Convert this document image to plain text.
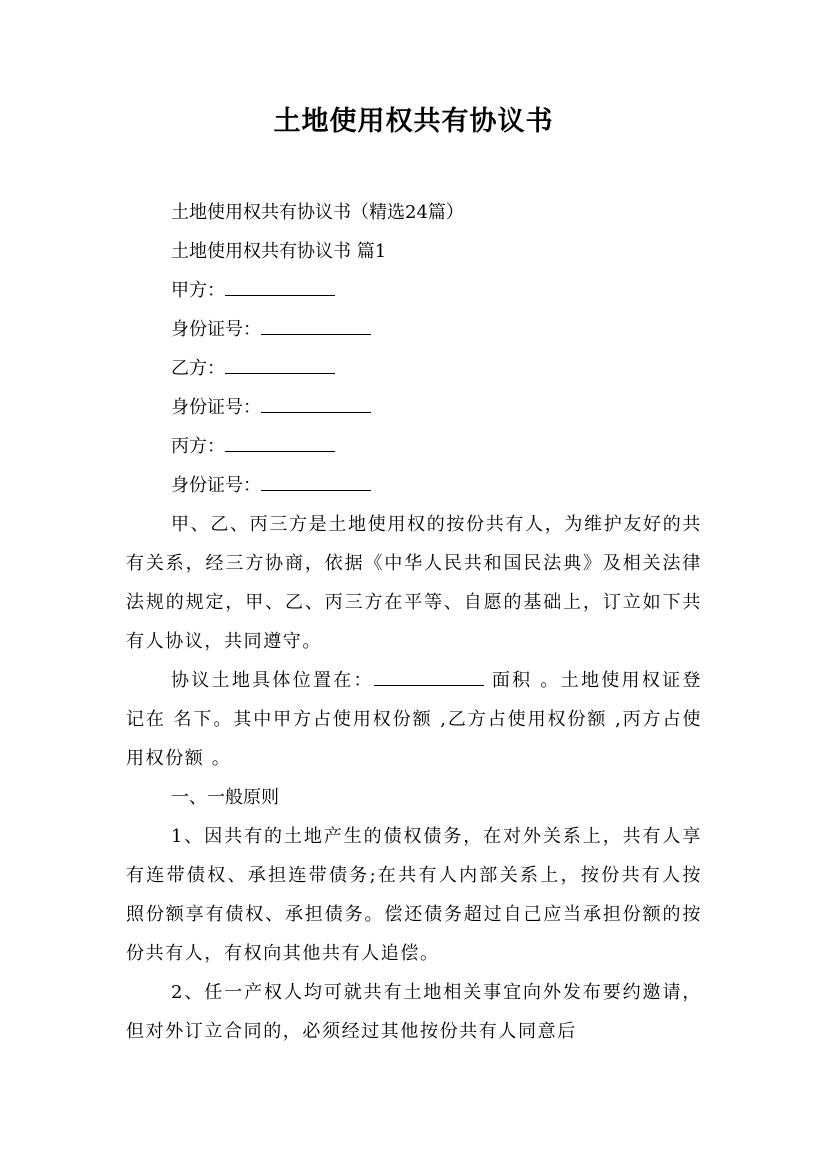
土地使用权共有协议书
土地使用权共有协议书（精选24篇）
土地使用权共有协议书 篇1
甲方：
身份证号：
乙方：
身份证号：
丙方：
身份证号：
甲、乙、丙三方是土地使用权的按份共有人，为维护友好的共有关系，经三方协商，依据《中华人民共和国民法典》及相关法律法规的规定，甲、乙、丙三方在平等、自愿的基础上，订立如下共有人协议，共同遵守。
协议土地具体位置在：	面积 。土地使用权证登记在 名下。其中甲方占使用权份额 ,乙方占使用权份额 ,丙方占使用权份额 。
一、一般原则
1、因共有的土地产生的债权债务，在对外关系上，共有人享有连带债权、承担连带债务;在共有人内部关系上，按份共有人按照份额享有债权、承担债务。偿还债务超过自己应当承担份额的按份共有人，有权向其他共有人追偿。
2、任一产权人均可就共有土地相关事宜向外发布要约邀请，但对外订立合同的，必须经过其他按份共有人同意后
